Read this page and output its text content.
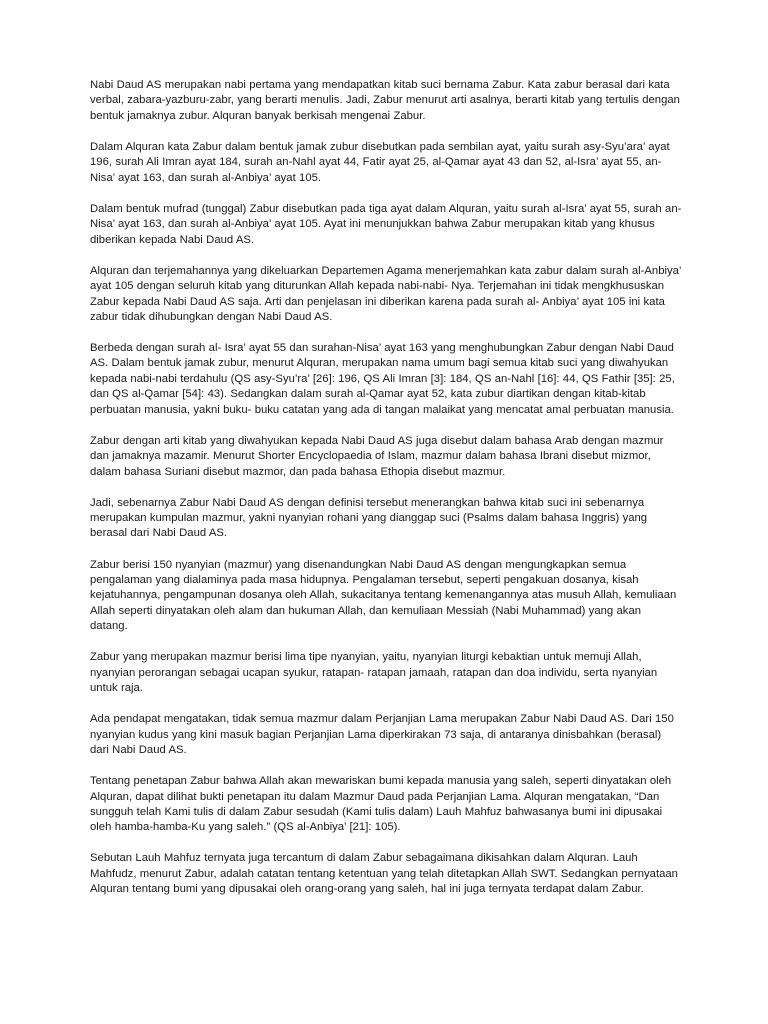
Nabi Daud AS merupakan nabi pertama yang mendapatkan kitab suci bernama Zabur. Kata zabur berasal dari kata verbal, zabara-yazburu-zabr, yang berarti menulis. Jadi, Zabur menurut arti asalnya, berarti kitab yang tertulis dengan bentuk jamaknya zubur. Alquran banyak berkisah mengenai Zabur.

Dalam Alquran kata Zabur dalam bentuk jamak zubur disebutkan pada sembilan ayat, yaitu surah asy-Syu’ara’ ayat 196, surah Ali Imran ayat 184, surah an-Nahl ayat 44, Fatir ayat 25, al-Qamar ayat 43 dan 52, al-Isra’ ayat 55, an-Nisa’ ayat 163, dan surah al-Anbiya’ ayat 105.

Dalam bentuk mufrad (tunggal) Zabur disebutkan pada tiga ayat dalam Alquran, yaitu surah al-Isra’ ayat 55, surah an-Nisa’ ayat 163, dan surah al-Anbiya’ ayat 105. Ayat ini menunjukkan bahwa Zabur merupakan kitab yang khusus diberikan kepada Nabi Daud AS.

Alquran dan terjemahannya yang dikeluarkan Departemen Agama menerjemahkan kata zabur dalam surah al-Anbiya’ ayat 105 dengan seluruh kitab yang diturunkan Allah kepada nabi-nabi- Nya. Terjemahan ini tidak mengkhususkan Zabur kepada Nabi Daud AS saja. Arti dan penjelasan ini diberikan karena pada surah al- Anbiya’ ayat 105 ini kata zabur tidak dihubungkan dengan Nabi Daud AS.

Berbeda dengan surah al- Isra’ ayat 55 dan surahan-Nisa’ ayat 163 yang menghubungkan Zabur dengan Nabi Daud AS. Dalam bentuk jamak zubur, menurut Alquran, merupakan nama umum bagi semua kitab suci yang diwahyukan kepada nabi-nabi terdahulu (QS asy-Syu’ra’ [26]: 196, QS Ali Imran [3]: 184, QS an-Nahl [16]: 44, QS Fathir [35]: 25, dan QS al-Qamar [54]: 43). Sedangkan dalam surah al-Qamar ayat 52, kata zubur diartikan dengan kitab-kitab perbuatan manusia, yakni buku- buku catatan yang ada di tangan malaikat yang mencatat amal perbuatan manusia.

Zabur dengan arti kitab yang diwahyukan kepada Nabi Daud AS juga disebut dalam bahasa Arab dengan mazmur dan jamaknya mazamir. Menurut Shorter Encyclopaedia of Islam, mazmur dalam bahasa Ibrani disebut mizmor, dalam bahasa Suriani disebut mazmor, dan pada bahasa Ethopia disebut mazmur.

Jadi, sebenarnya Zabur Nabi Daud AS dengan definisi tersebut menerangkan bahwa kitab suci ini sebenarnya merupakan kumpulan mazmur, yakni nyanyian rohani yang dianggap suci (Psalms dalam bahasa Inggris) yang berasal dari Nabi Daud AS.

Zabur berisi 150 nyanyian (mazmur) yang disenandungkan Nabi Daud AS dengan mengungkapkan semua pengalaman yang dialaminya pada masa hidupnya. Pengalaman tersebut, seperti pengakuan dosanya, kisah kejatuhannya, pengampunan dosanya oleh Allah, sukacitanya tentang kemenangannya atas musuh Allah, kemuliaan Allah seperti dinyatakan oleh alam dan hukuman Allah, dan kemuliaan Messiah (Nabi Muhammad) yang akan datang.

Zabur yang merupakan mazmur berisi lima tipe nyanyian, yaitu, nyanyian liturgi kebaktian untuk memuji Allah, nyanyian perorangan sebagai ucapan syukur, ratapan- ratapan jamaah, ratapan dan doa individu, serta nyanyian untuk raja.

Ada pendapat mengatakan, tidak semua mazmur dalam Perjanjian Lama merupakan Zabur Nabi Daud AS. Dari 150 nyanyian kudus yang kini masuk bagian Perjanjian Lama diperkirakan 73 saja, di antaranya dinisbahkan (berasal) dari Nabi Daud AS.

Tentang penetapan Zabur bahwa Allah akan mewariskan bumi kepada manusia yang saleh, seperti dinyatakan oleh Alquran, dapat dilihat bukti penetapan itu dalam Mazmur Daud pada Perjanjian Lama. Alquran mengatakan, “Dan sungguh telah Kami tulis di dalam Zabur sesudah (Kami tulis dalam) Lauh Mahfuz bahwasanya bumi ini dipusakai oleh hamba-hamba-Ku yang saleh.” (QS al-Anbiya’ [21]: 105).

Sebutan Lauh Mahfuz ternyata juga tercantum di dalam Zabur sebagaimana dikisahkan dalam Alquran. Lauh Mahfudz, menurut Zabur, adalah catatan tentang ketentuan yang telah ditetapkan Allah SWT. Sedangkan pernyataan Alquran tentang bumi yang dipusakai oleh orang-orang yang saleh, hal ini juga ternyata terdapat dalam Zabur.
